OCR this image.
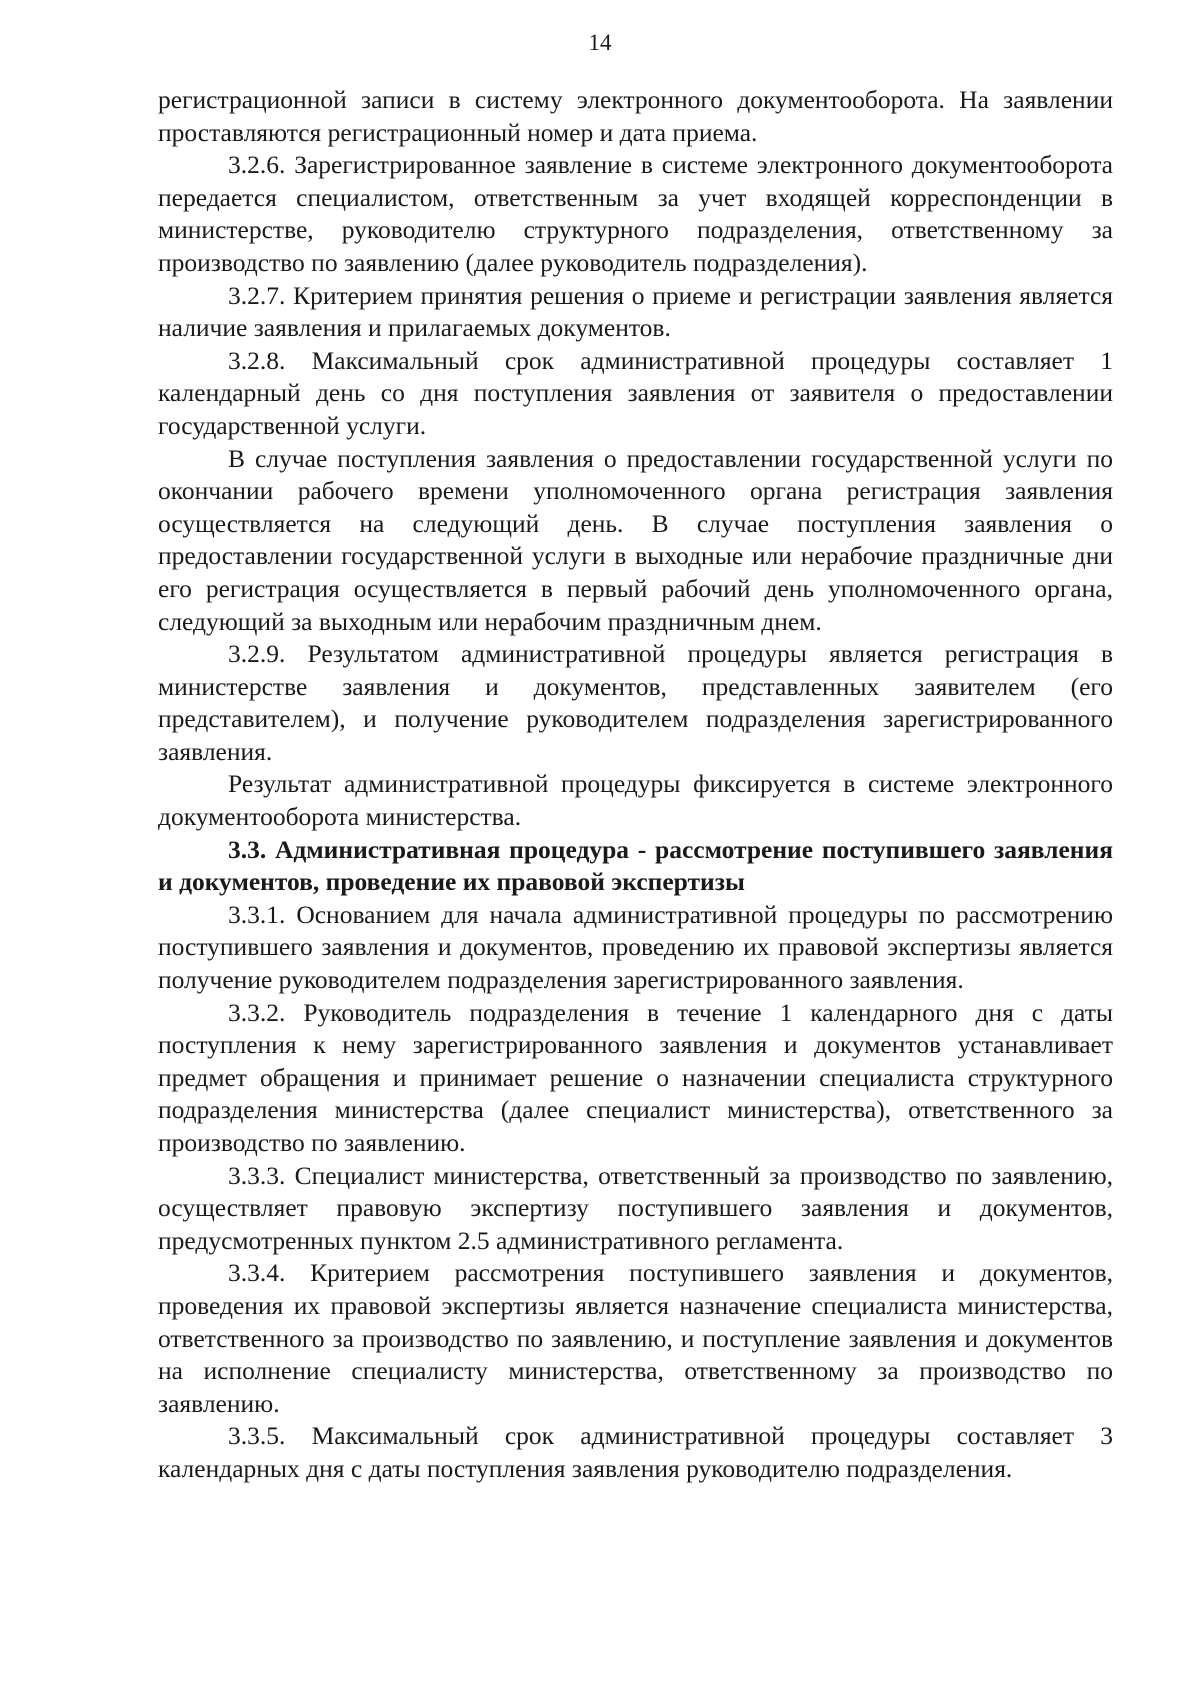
14

регистрационной записи в систему электронного документооборота. На заявлении проставляются регистрационный номер и дата приема.

3.2.6. Зарегистрированное заявление в системе электронного документооборота передается специалистом, ответственным за учет входящей корреспонденции в министерстве, руководителю структурного подразделения, ответственному за производство по заявлению (далее руководитель подразделения).

3.2.7. Критерием принятия решения о приеме и регистрации заявления является наличие заявления и прилагаемых документов.

3.2.8. Максимальный срок административной процедуры составляет 1 календарный день со дня поступления заявления от заявителя о предоставлении государственной услуги.

В случае поступления заявления о предоставлении государственной услуги по окончании рабочего времени уполномоченного органа регистрация заявления осуществляется на следующий день. В случае поступления заявления о предоставлении государственной услуги в выходные или нерабочие праздничные дни его регистрация осуществляется в первый рабочий день уполномоченного органа, следующий за выходным или нерабочим праздничным днем.

3.2.9. Результатом административной процедуры является регистрация в министерстве заявления и документов, представленных заявителем (его представителем), и получение руководителем подразделения зарегистрированного заявления.

Результат административной процедуры фиксируется в системе электронного документооборота министерства.

3.3. Административная процедура - рассмотрение поступившего заявления и документов, проведение их правовой экспертизы

3.3.1. Основанием для начала административной процедуры по рассмотрению поступившего заявления и документов, проведению их правовой экспертизы является получение руководителем подразделения зарегистрированного заявления.

3.3.2. Руководитель подразделения в течение 1 календарного дня с даты поступления к нему зарегистрированного заявления и документов устанавливает предмет обращения и принимает решение о назначении специалиста структурного подразделения министерства (далее специалист министерства), ответственного за производство по заявлению.

3.3.3. Специалист министерства, ответственный за производство по заявлению, осуществляет правовую экспертизу поступившего заявления и документов, предусмотренных пунктом 2.5 административного регламента.

3.3.4. Критерием рассмотрения поступившего заявления и документов, проведения их правовой экспертизы является назначение специалиста министерства, ответственного за производство по заявлению, и поступление заявления и документов на исполнение специалисту министерства, ответственному за производство по заявлению.

3.3.5. Максимальный срок административной процедуры составляет 3 календарных дня с даты поступления заявления руководителю подразделения.
